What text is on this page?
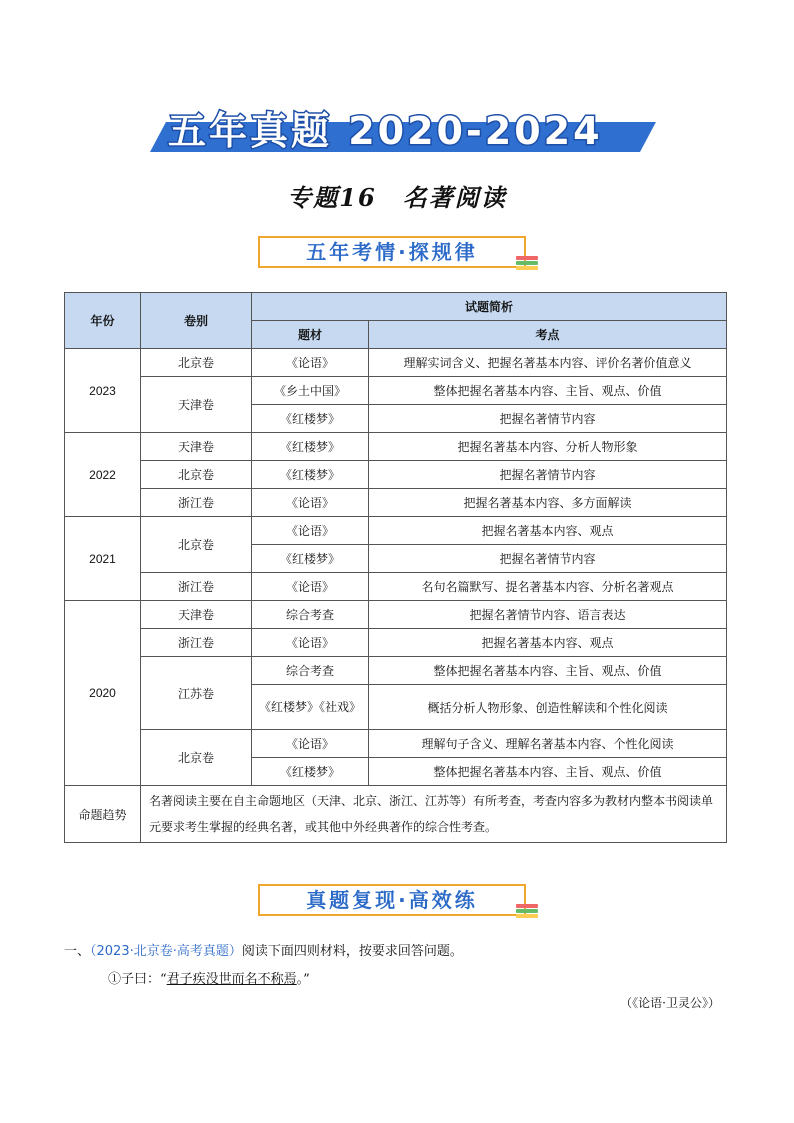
五年真题 2020-2024
专题16　名著阅读
五年考情·探规律
年份	卷别	试题简析	
		题材	考点
2023	北京卷	《论语》	理解实词含义、把握名著基本内容、评价名著价值意义
	天津卷	《乡土中国》	整体把握名著基本内容、主旨、观点、价值
		《红楼梦》	把握名著情节内容
2022	天津卷	《红楼梦》	把握名著基本内容、分析人物形象
	北京卷	《红楼梦》	把握名著情节内容
	浙江卷	《论语》	把握名著基本内容、多方面解读
2021	北京卷	《论语》	把握名著基本内容、观点
		《红楼梦》	把握名著情节内容
	浙江卷	《论语》	名句名篇默写、提名著基本内容、分析名著观点
2020	天津卷	综合考查	把握名著情节内容、语言表达
	浙江卷	《论语》	把握名著基本内容、观点
	江苏卷	综合考查	整体把握名著基本内容、主旨、观点、价值
		《红楼梦》《社戏》	概括分析人物形象、创造性解读和个性化阅读
	北京卷	《论语》	理解句子含义、理解名著基本内容、个性化阅读
		《红楼梦》	整体把握名著基本内容、主旨、观点、价值
命题趋势	名著阅读主要在自主命题地区（天津、北京、浙江、江苏等）有所考查，考查内容多为教材内整本书阅读单元要求考生掌握的经典名著，或其他中外经典著作的综合性考查。		
真题复现·高效练
一、（2023·北京卷·高考真题）阅读下面四则材料，按要求回答问题。
①子曰：“君子疾没世而名不称焉。”
（《论语·卫灵公》）
